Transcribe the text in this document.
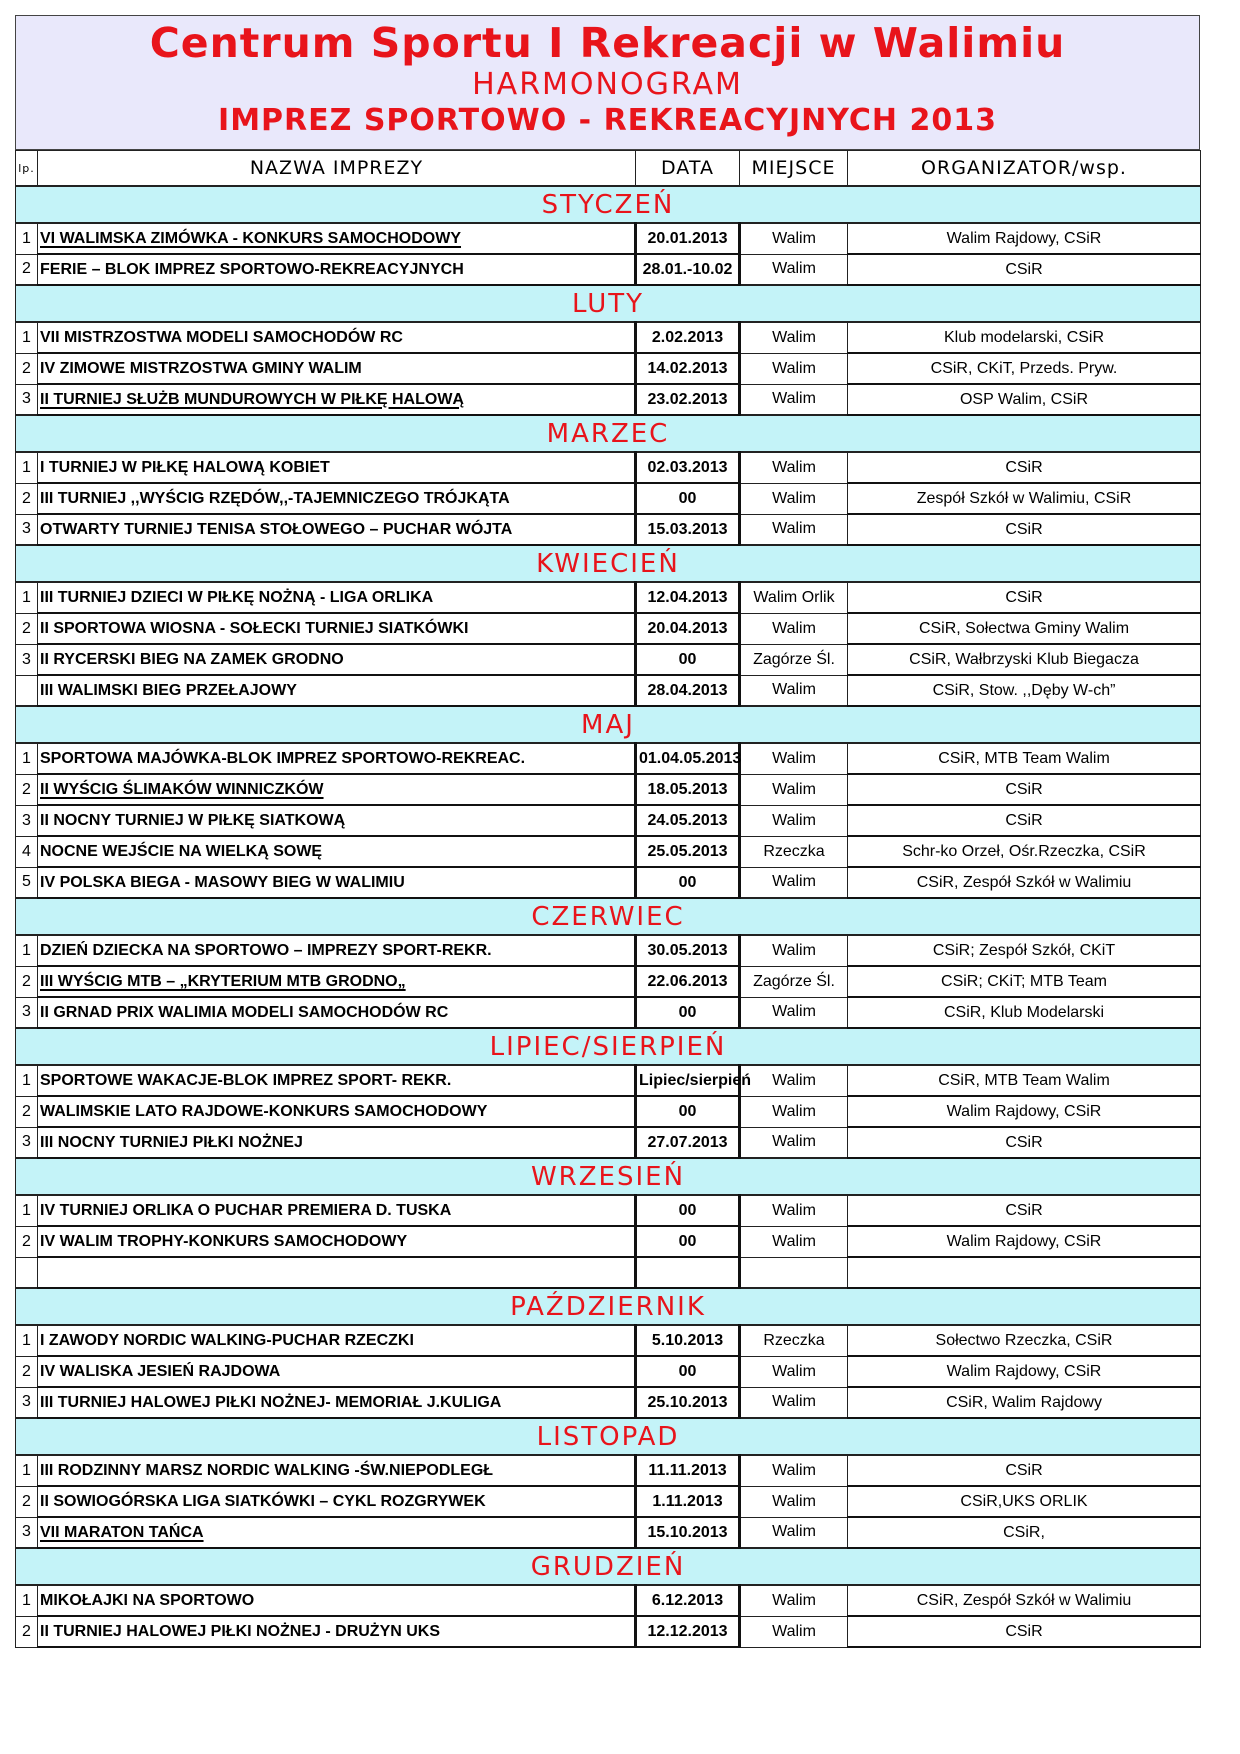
Centrum Sportu I Rekreacji w Walimiu
HARMONOGRAM
IMPREZ SPORTOWO - REKREACYJNYCH 2013
lp.	NAZWA IMPREZY	DATA	MIEJSCE	ORGANIZATOR/wsp.
STYCZEŃ				
1	VI WALIMSKA ZIMÓWKA - KONKURS SAMOCHODOWY	20.01.2013	Walim	Walim Rajdowy, CSiR
2	FERIE – BLOK IMPREZ SPORTOWO-REKREACYJNYCH	28.01.-10.02	Walim	CSiR
LUTY				
1	VII MISTRZOSTWA MODELI SAMOCHODÓW RC	2.02.2013	Walim	Klub modelarski, CSiR
2	IV ZIMOWE MISTRZOSTWA GMINY WALIM	14.02.2013	Walim	CSiR, CKiT, Przeds. Pryw.
3	II TURNIEJ SŁUŻB MUNDUROWYCH W PIŁKĘ HALOWĄ	23.02.2013	Walim	OSP Walim, CSiR
MARZEC				
1	I TURNIEJ W PIŁKĘ HALOWĄ KOBIET	02.03.2013	Walim	CSiR
2	III TURNIEJ ,,WYŚCIG RZĘDÓW,,-TAJEMNICZEGO TRÓJKĄTA	00	Walim	Zespół Szkół w Walimiu, CSiR
3	OTWARTY TURNIEJ TENISA STOŁOWEGO – PUCHAR WÓJTA	15.03.2013	Walim	CSiR
KWIECIEŃ				
1	III TURNIEJ DZIECI W PIŁKĘ NOŻNĄ - LIGA ORLIKA	12.04.2013	Walim Orlik	CSiR
2	II SPORTOWA WIOSNA - SOŁECKI TURNIEJ SIATKÓWKI	20.04.2013	Walim	CSiR, Sołectwa Gminy Walim
3	II RYCERSKI BIEG NA ZAMEK GRODNO	00	Zagórze Śl.	CSiR, Wałbrzyski Klub Biegacza
	III WALIMSKI BIEG PRZEŁAJOWY	28.04.2013	Walim	CSiR, Stow. ,,Dęby W-ch”
MAJ				
1	SPORTOWA MAJÓWKA-BLOK IMPREZ SPORTOWO-REKREAC.	01.04.05.2013	Walim	CSiR, MTB Team Walim
2	II WYŚCIG ŚLIMAKÓW WINNICZKÓW	18.05.2013	Walim	CSiR
3	II NOCNY TURNIEJ W PIŁKĘ SIATKOWĄ	24.05.2013	Walim	CSiR
4	NOCNE WEJŚCIE NA WIELKĄ SOWĘ	25.05.2013	Rzeczka	Schr-ko Orzeł, Ośr.Rzeczka, CSiR
5	IV POLSKA BIEGA - MASOWY BIEG W WALIMIU	00	Walim	CSiR, Zespół Szkół w Walimiu
CZERWIEC				
1	DZIEŃ DZIECKA NA SPORTOWO – IMPREZY SPORT-REKR.	30.05.2013	Walim	CSiR; Zespół Szkół, CKiT
2	III WYŚCIG MTB – „KRYTERIUM MTB GRODNO„	22.06.2013	Zagórze Śl.	CSiR; CKiT; MTB Team
3	II GRNAD PRIX WALIMIA MODELI SAMOCHODÓW RC	00	Walim	CSiR, Klub Modelarski
LIPIEC/SIERPIEŃ				
1	SPORTOWE WAKACJE-BLOK IMPREZ SPORT- REKR.	Lipiec/sierpień	Walim	CSiR, MTB Team Walim
2	WALIMSKIE LATO RAJDOWE-KONKURS SAMOCHODOWY	00	Walim	Walim Rajdowy, CSiR
3	III NOCNY TURNIEJ PIŁKI NOŻNEJ	27.07.2013	Walim	CSiR
WRZESIEŃ				
1	IV TURNIEJ ORLIKA O PUCHAR PREMIERA D. TUSKA	00	Walim	CSiR
2	IV WALIM TROPHY-KONKURS SAMOCHODOWY	00	Walim	Walim Rajdowy, CSiR

PAŹDZIERNIK				
1	I ZAWODY NORDIC WALKING-PUCHAR RZECZKI	5.10.2013	Rzeczka	Sołectwo Rzeczka, CSiR
2	IV WALISKA JESIEŃ RAJDOWA	00	Walim	Walim Rajdowy, CSiR
3	III TURNIEJ HALOWEJ PIŁKI NOŻNEJ- MEMORIAŁ J.KULIGA	25.10.2013	Walim	CSiR, Walim Rajdowy
LISTOPAD				
1	III RODZINNY MARSZ NORDIC WALKING -ŚW.NIEPODLEGŁ	11.11.2013	Walim	CSiR
2	II SOWIOGÓRSKA LIGA SIATKÓWKI – CYKL ROZGRYWEK	1.11.2013	Walim	CSiR,UKS ORLIK
3	VII MARATON TAŃCA	15.10.2013	Walim	CSiR,
GRUDZIEŃ				
1	MIKOŁAJKI NA SPORTOWO	6.12.2013	Walim	CSiR, Zespół Szkół w Walimiu
2	II TURNIEJ HALOWEJ PIŁKI NOŻNEJ - DRUŻYN UKS	12.12.2013	Walim	CSiR
